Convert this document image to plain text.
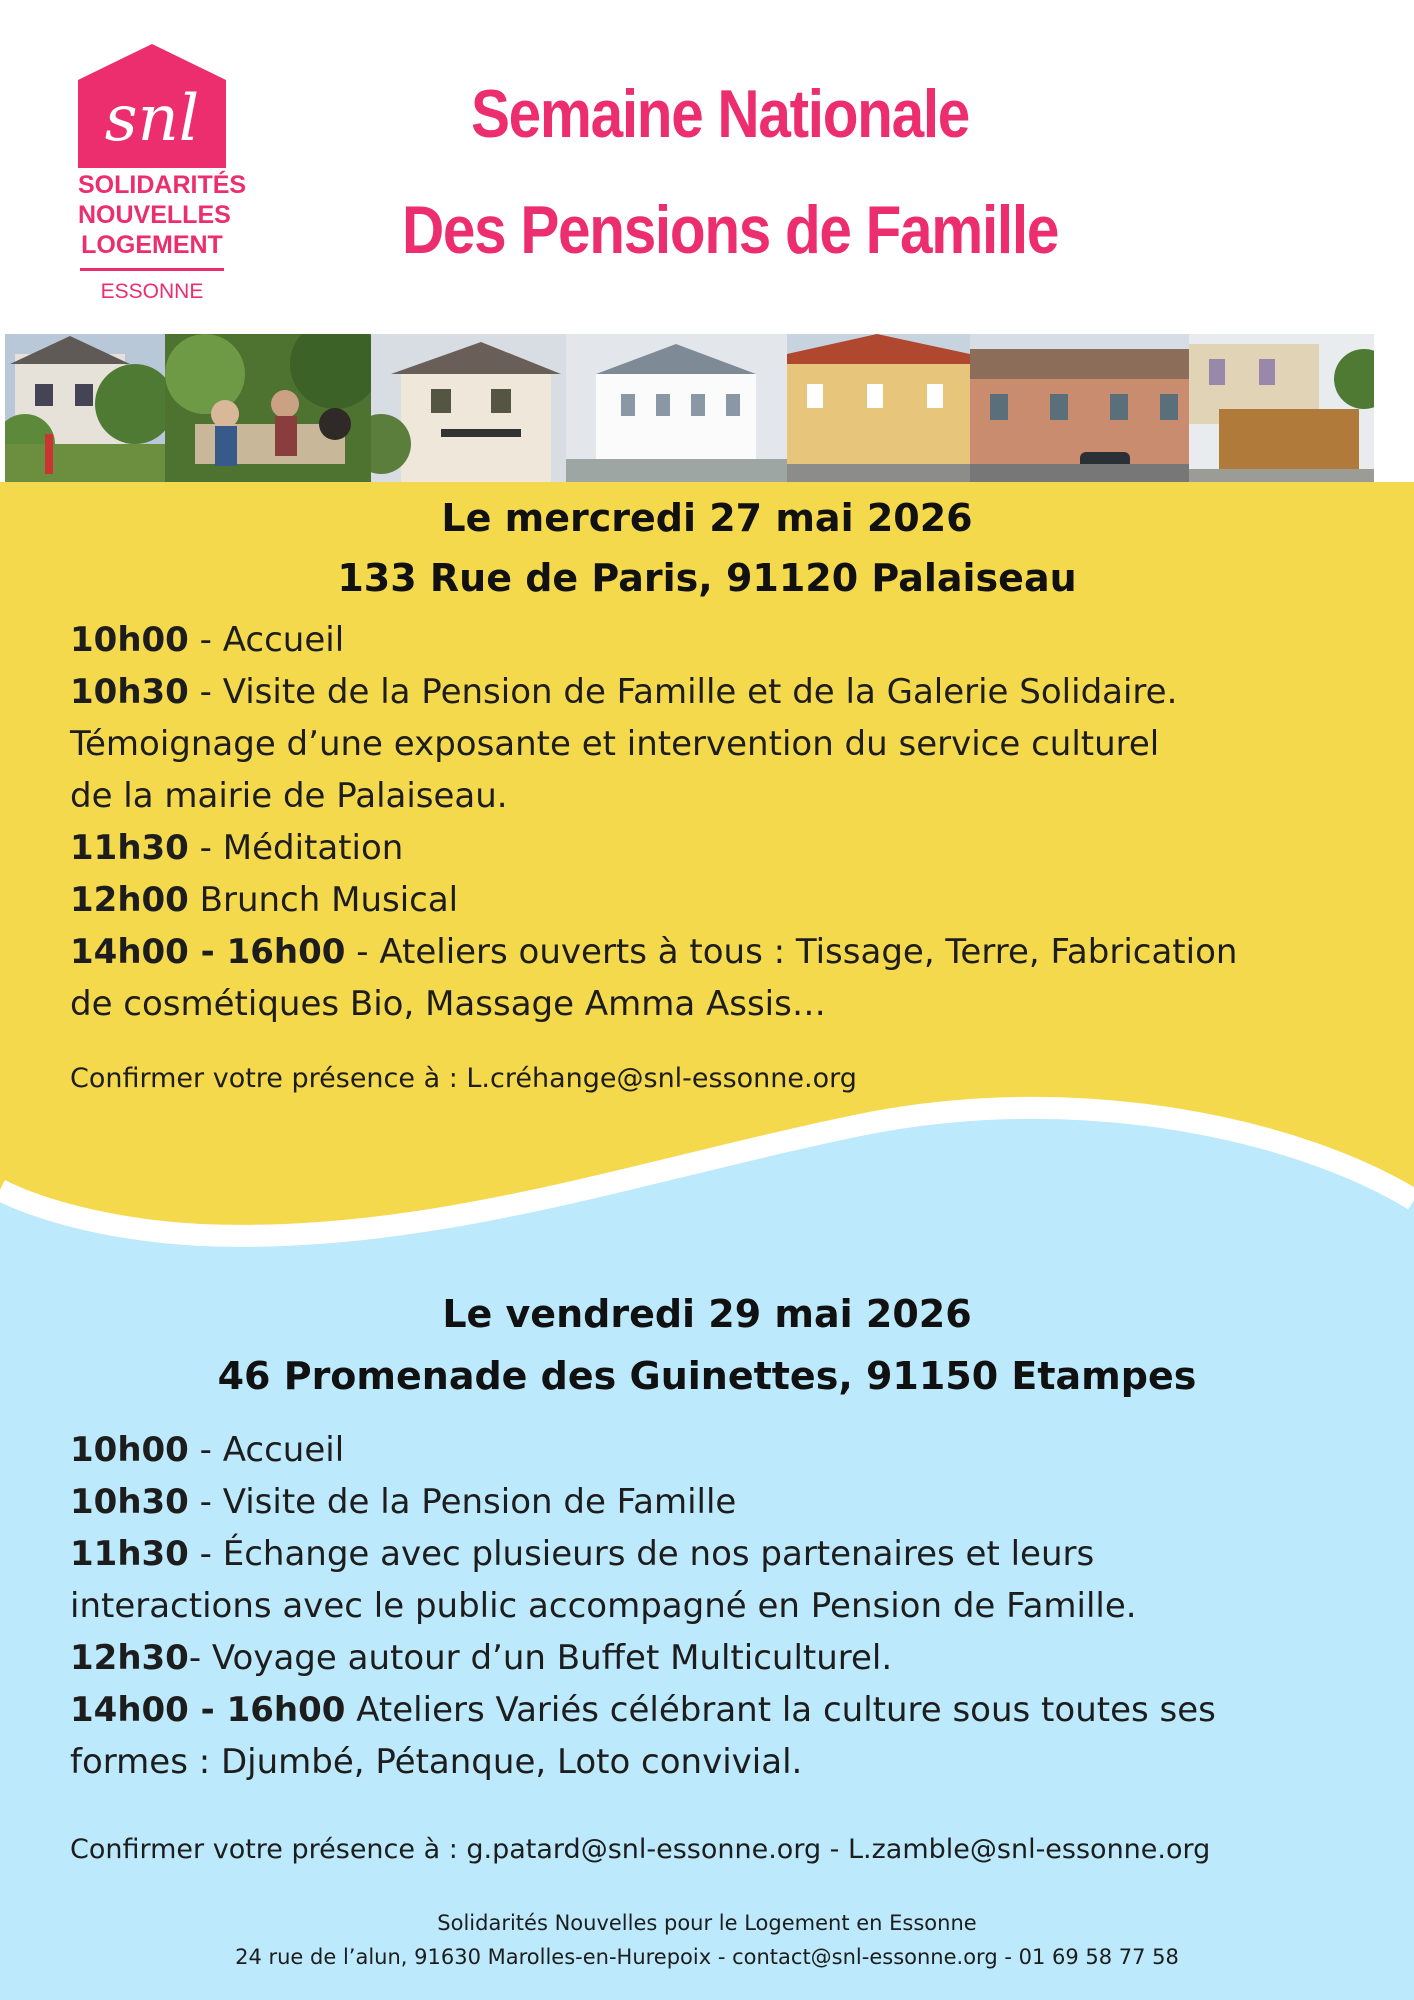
snl
SOLIDARITÉS
NOUVELLES
LOGEMENT
ESSONNE
Semaine Nationale
Des Pensions de Famille
Le mercredi 27 mai 2026
133 Rue de Paris, 91120 Palaiseau

10h00 - Accueil

10h30 - Visite de la Pension de Famille et de la Galerie Solidaire.

Témoignage d’une exposante et intervention du service culturel

de la mairie de Palaiseau.

11h30 - Méditation

12h00 Brunch Musical

14h00 - 16h00 - Ateliers ouverts à tous : Tissage, Terre, Fabrication

de cosmétiques Bio, Massage Amma Assis…

Confirmer votre présence à : L.créhange@snl-essonne.org
Le vendredi 29 mai 2026
46 Promenade des Guinettes, 91150 Etampes

10h00 - Accueil

10h30 - Visite de la Pension de Famille

11h30 - Échange avec plusieurs de nos partenaires et leurs

interactions avec le public accompagné en Pension de Famille.

12h30- Voyage autour d’un Buffet Multiculturel.

14h00 - 16h00 Ateliers Variés célébrant la culture sous toutes ses

formes : Djumbé, Pétanque, Loto convivial.

Confirmer votre présence à : g.patard@snl-essonne.org - L.zamble@snl-essonne.org
Solidarités Nouvelles pour le Logement en Essonne
24 rue de l’alun, 91630 Marolles-en-Hurepoix - contact@snl-essonne.org - 01 69 58 77 58
